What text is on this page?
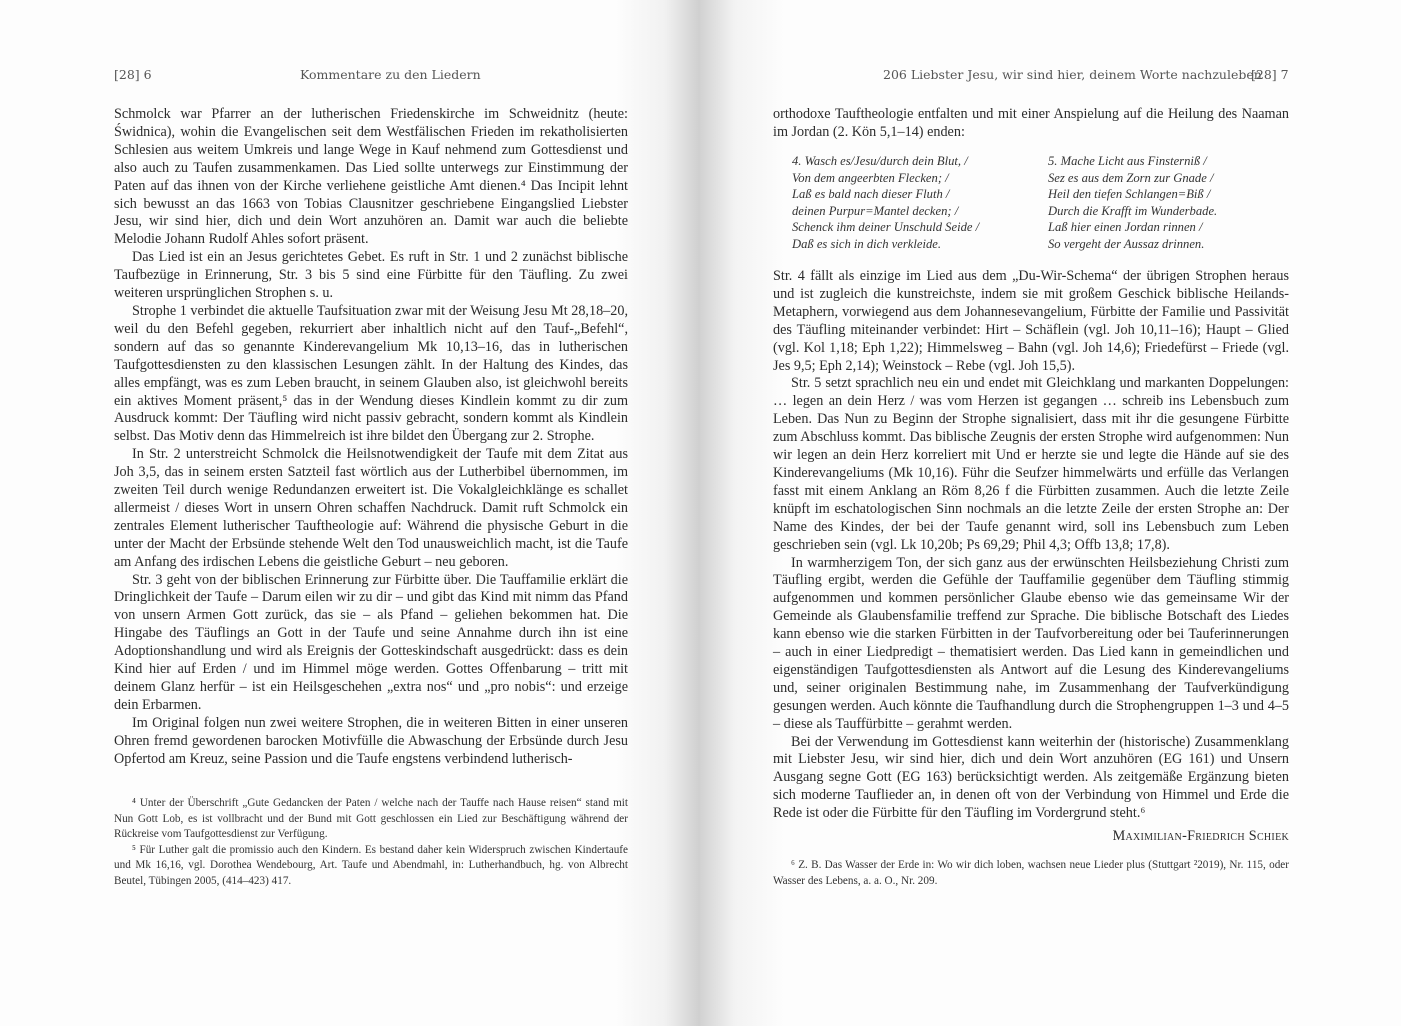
[28] 6	Kommentare zu den Liedern

Schmolck war Pfarrer an der lutherischen Friedenskirche im Schweidnitz (heute: Świdnica), wohin die Evangelischen seit dem Westfälischen Frieden im rekatholisierten Schlesien aus weitem Umkreis und lange Wege in Kauf nehmend zum Gottesdienst und also auch zu Taufen zusammenkamen. Das Lied sollte unterwegs zur Einstimmung der Paten auf das ihnen von der Kirche verliehene geistliche Amt dienen.⁴ Das Incipit lehnt sich bewusst an das 1663 von Tobias Clausnitzer geschriebene Eingangslied Liebster Jesu, wir sind hier, dich und dein Wort anzuhören an. Damit war auch die beliebte Melodie Johann Rudolf Ahles sofort präsent.

Das Lied ist ein an Jesus gerichtetes Gebet. Es ruft in Str. 1 und 2 zunächst biblische Taufbezüge in Erinnerung, Str. 3 bis 5 sind eine Fürbitte für den Täufling. Zu zwei weiteren ursprünglichen Strophen s. u.

Strophe 1 verbindet die aktuelle Taufsituation zwar mit der Weisung Jesu Mt 28,18–20, weil du den Befehl gegeben, rekurriert aber inhaltlich nicht auf den Tauf-„Befehl“, sondern auf das so genannte Kinderevangelium Mk 10,13–16, das in lutherischen Taufgottesdiensten zu den klassischen Lesungen zählt. In der Haltung des Kindes, das alles empfängt, was es zum Leben braucht, in seinem Glauben also, ist gleichwohl bereits ein aktives Moment präsent,⁵ das in der Wendung dieses Kindlein kommt zu dir zum Ausdruck kommt: Der Täufling wird nicht passiv gebracht, sondern kommt als Kindlein selbst. Das Motiv denn das Himmelreich ist ihre bildet den Übergang zur 2. Strophe.

In Str. 2 unterstreicht Schmolck die Heilsnotwendigkeit der Taufe mit dem Zitat aus Joh 3,5, das in seinem ersten Satzteil fast wörtlich aus der Lutherbibel übernommen, im zweiten Teil durch wenige Redundanzen erweitert ist. Die Vokalgleichklänge es schallet allermeist / dieses Wort in unsern Ohren schaffen Nachdruck. Damit ruft Schmolck ein zentrales Element lutherischer Tauftheologie auf: Während die physische Geburt in die unter der Macht der Erbsünde stehende Welt den Tod unausweichlich macht, ist die Taufe am Anfang des irdischen Lebens die geistliche Geburt – neu geboren.

Str. 3 geht von der biblischen Erinnerung zur Fürbitte über. Die Tauffamilie erklärt die Dringlichkeit der Taufe – Darum eilen wir zu dir – und gibt das Kind mit nimm das Pfand von unsern Armen Gott zurück, das sie – als Pfand – geliehen bekommen hat. Die Hingabe des Täuflings an Gott in der Taufe und seine Annahme durch ihn ist eine Adoptionshandlung und wird als Ereignis der Gotteskindschaft ausgedrückt: dass es dein Kind hier auf Erden / und im Himmel möge werden. Gottes Offenbarung – tritt mit deinem Glanz herfür – ist ein Heilsgeschehen „extra nos“ und „pro nobis“: und erzeige dein Erbarmen.

Im Original folgen nun zwei weitere Strophen, die in weiteren Bitten in einer unseren Ohren fremd gewordenen barocken Motivfülle die Abwaschung der Erbsünde durch Jesu Opfertod am Kreuz, seine Passion und die Taufe engstens verbindend lutherisch-

⁴ Unter der Überschrift „Gute Gedancken der Paten / welche nach der Tauffe nach Hause reisen“ stand mit Nun Gott Lob, es ist vollbracht und der Bund mit Gott geschlossen ein Lied zur Beschäftigung während der Rückreise vom Taufgottesdienst zur Verfügung.

⁵ Für Luther galt die promissio auch den Kindern. Es bestand daher kein Widerspruch zwischen Kindertaufe und Mk 16,16, vgl. Dorothea Wendebourg, Art. Taufe und Abendmahl, in: Lutherhandbuch, hg. von Albrecht Beutel, Tübingen 2005, (414–423) 417.

206 Liebster Jesu, wir sind hier, deinem Worte nachzuleben
[28] 7

orthodoxe Tauftheologie entfalten und mit einer Anspielung auf die Heilung des Naaman im Jordan (2. Kön 5,1–14) enden:

4. Wasch es/Jesu/durch dein Blut, /
Von dem angeerbten Flecken; /
Laß es bald nach dieser Fluth /
deinen Purpur=Mantel decken; /
Schenck ihm deiner Unschuld Seide /
Daß es sich in dich verkleide.
5. Mache Licht aus Finsterniß /
Sez es aus dem Zorn zur Gnade /
Heil den tiefen Schlangen=Biß /
Durch die Krafft im Wunderbade.
Laß hier einen Jordan rinnen /
So vergeht der Aussaz drinnen.

Str. 4 fällt als einzige im Lied aus dem „Du-Wir-Schema“ der übrigen Strophen heraus und ist zugleich die kunstreichste, indem sie mit großem Geschick biblische Heilands-Metaphern, vorwiegend aus dem Johannesevangelium, Fürbitte der Familie und Passivität des Täufling miteinander verbindet: Hirt – Schäflein (vgl. Joh 10,11–16); Haupt – Glied (vgl. Kol 1,18; Eph 1,22); Himmelsweg – Bahn (vgl. Joh 14,6); Friedefürst – Friede (vgl. Jes 9,5; Eph 2,14); Weinstock – Rebe (vgl. Joh 15,5).

Str. 5 setzt sprachlich neu ein und endet mit Gleichklang und markanten Doppelungen: … legen an dein Herz / was vom Herzen ist gegangen … schreib ins Lebensbuch zum Leben. Das Nun zu Beginn der Strophe signalisiert, dass mit ihr die gesungene Fürbitte zum Abschluss kommt. Das biblische Zeugnis der ersten Strophe wird aufgenommen: Nun wir legen an dein Herz korreliert mit Und er herzte sie und legte die Hände auf sie des Kinderevangeliums (Mk 10,16). Führ die Seufzer himmelwärts und erfülle das Verlangen fasst mit einem Anklang an Röm 8,26 f die Fürbitten zusammen. Auch die letzte Zeile knüpft im eschatologischen Sinn nochmals an die letzte Zeile der ersten Strophe an: Der Name des Kindes, der bei der Taufe genannt wird, soll ins Lebensbuch zum Leben geschrieben sein (vgl. Lk 10,20b; Ps 69,29; Phil 4,3; Offb 13,8; 17,8).

In warmherzigem Ton, der sich ganz aus der erwünschten Heilsbeziehung Christi zum Täufling ergibt, werden die Gefühle der Tauffamilie gegenüber dem Täufling stimmig aufgenommen und kommen persönlicher Glaube ebenso wie das gemeinsame Wir der Gemeinde als Glaubensfamilie treffend zur Sprache. Die biblische Botschaft des Liedes kann ebenso wie die starken Fürbitten in der Taufvorbereitung oder bei Tauferinnerungen – auch in einer Liedpredigt – thematisiert werden. Das Lied kann in gemeindlichen und eigenständigen Taufgottesdiensten als Antwort auf die Lesung des Kinderevangeliums und, seiner originalen Bestimmung nahe, im Zusammenhang der Taufverkündigung gesungen werden. Auch könnte die Taufhandlung durch die Strophengruppen 1–3 und 4–5 – diese als Tauffürbitte – gerahmt werden.

Bei der Verwendung im Gottesdienst kann weiterhin der (historische) Zusammenklang mit Liebster Jesu, wir sind hier, dich und dein Wort anzuhören (EG 161) und Unsern Ausgang segne Gott (EG 163) berücksichtigt werden. Als zeitgemäße Ergänzung bieten sich moderne Tauflieder an, in denen oft von der Verbindung von Himmel und Erde die Rede ist oder die Fürbitte für den Täufling im Vordergrund steht.⁶

Maximilian-Friedrich Schiek

⁶ Z. B. Das Wasser der Erde in: Wo wir dich loben, wachsen neue Lieder plus (Stuttgart ²2019), Nr. 115, oder Wasser des Lebens, a. a. O., Nr. 209.
